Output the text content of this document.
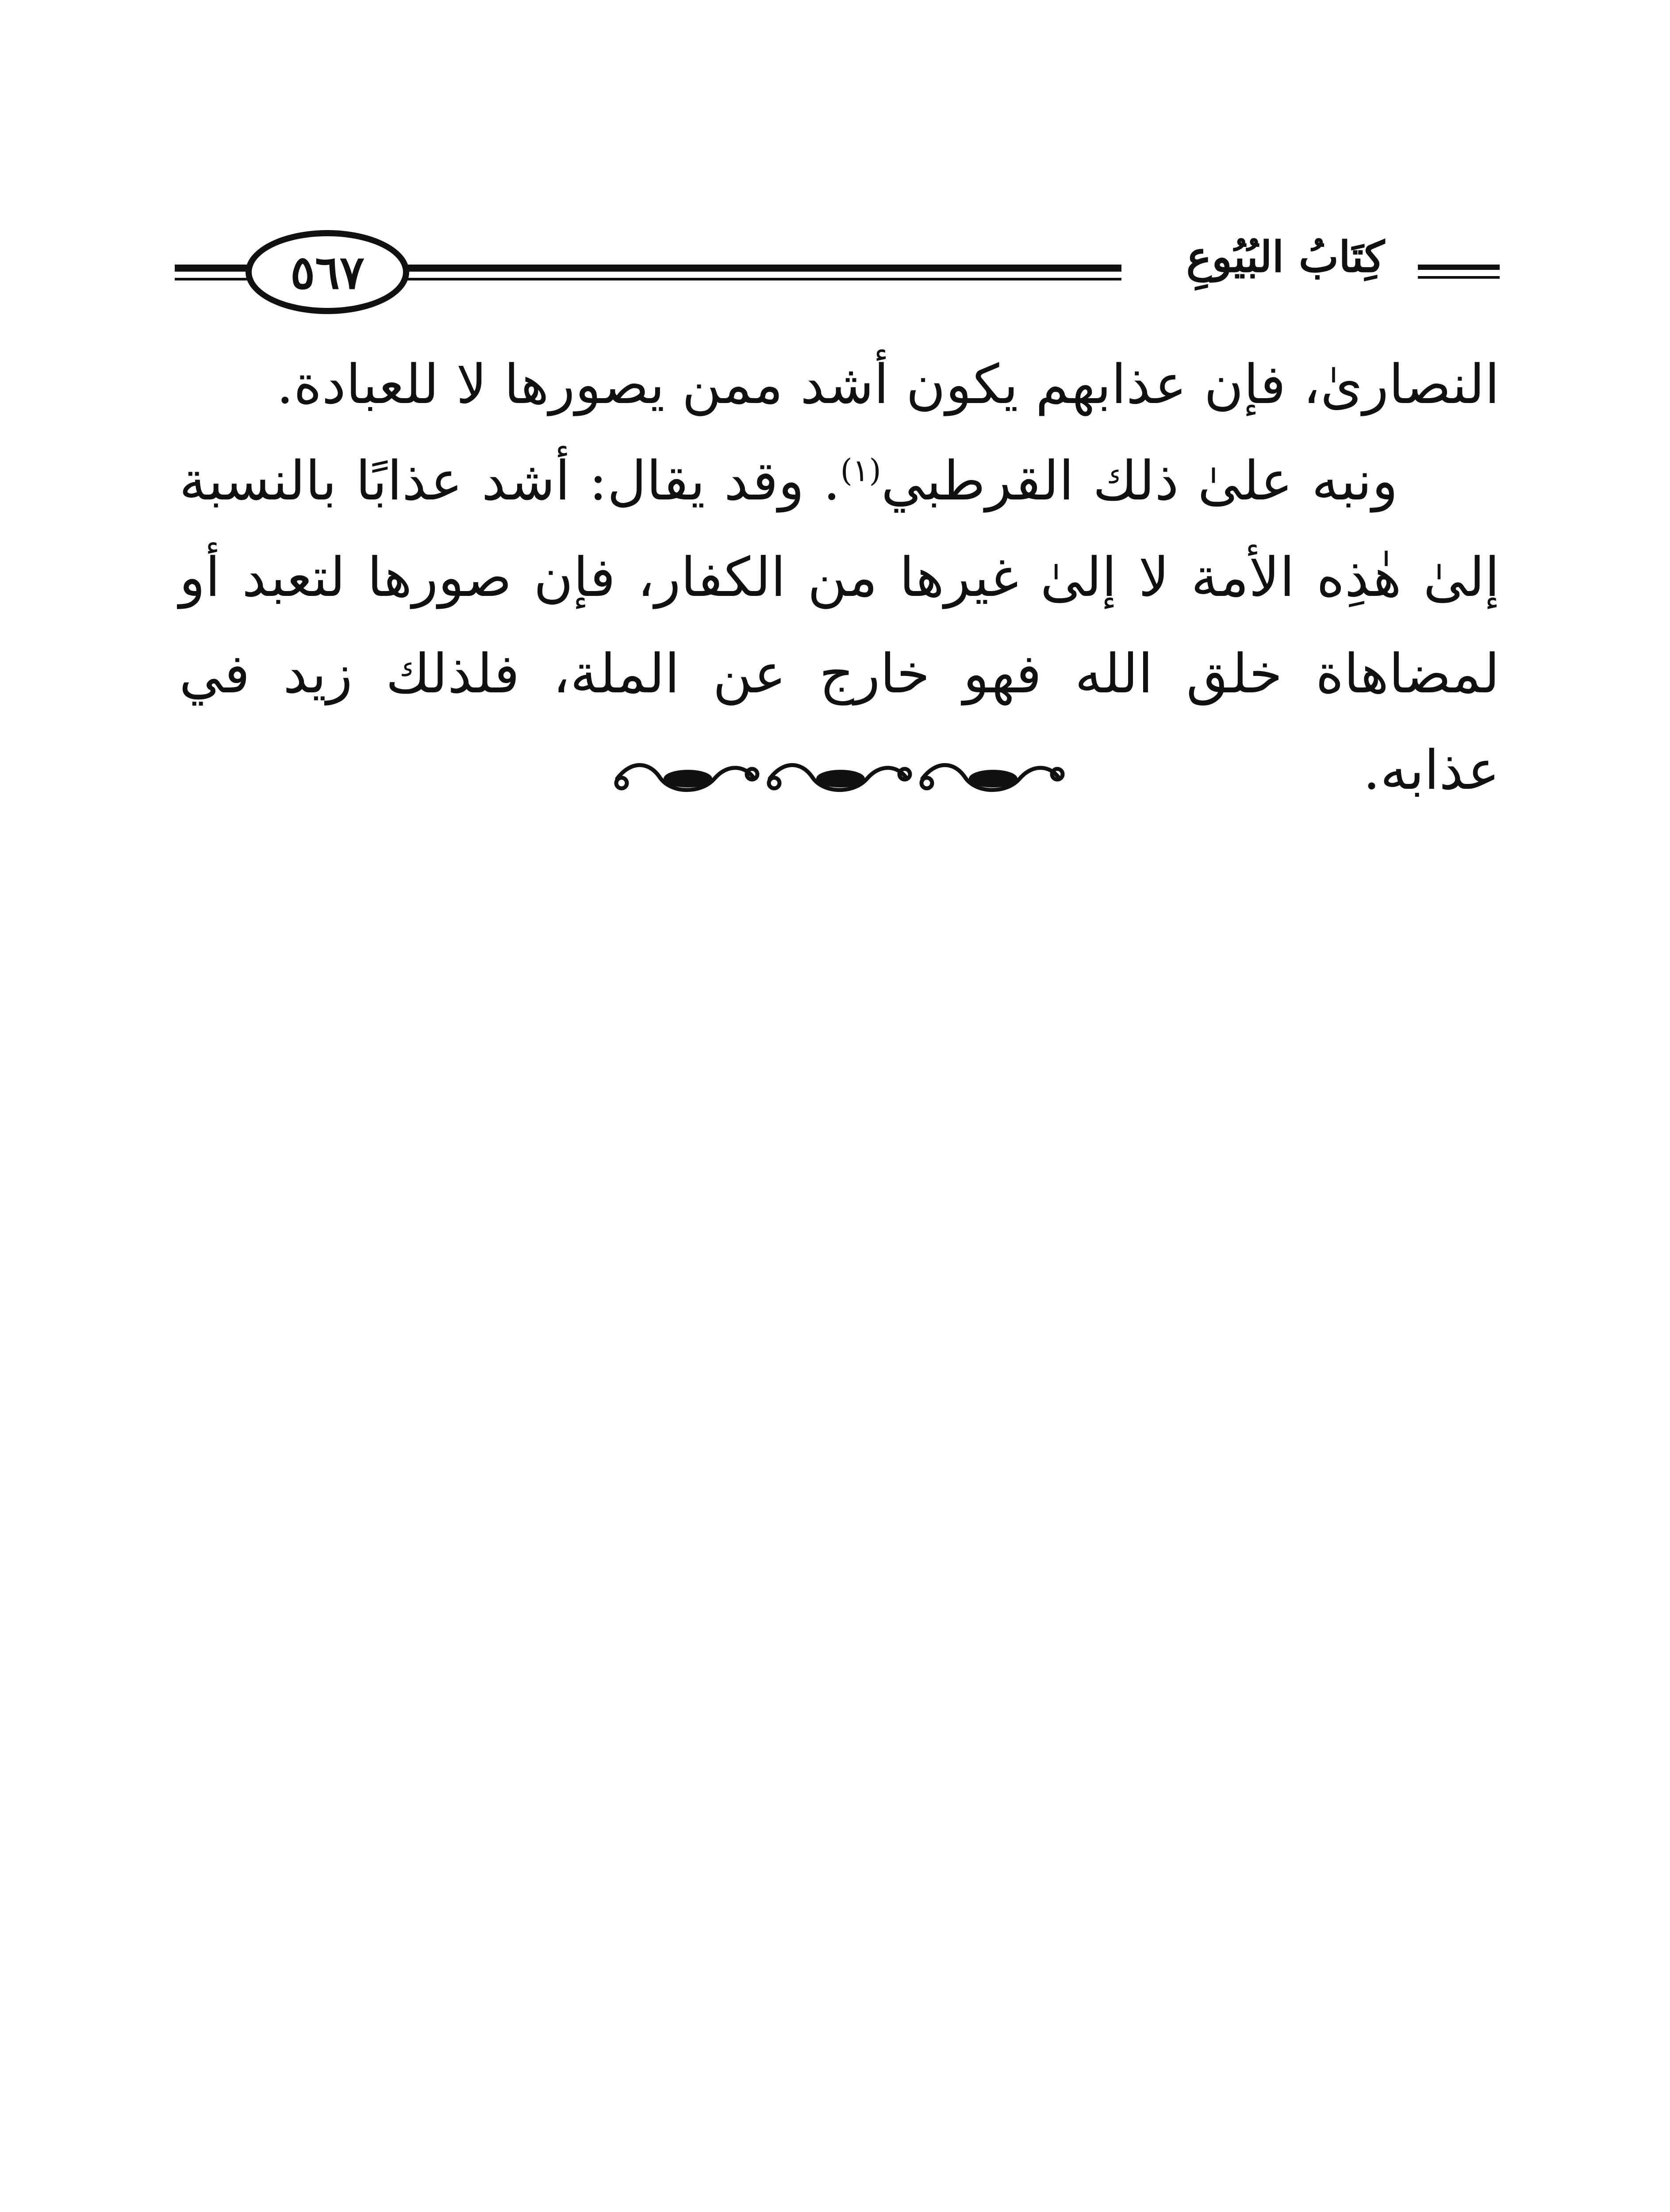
٥٦٧	كِتَابُ البُيُوعِ

النصارىٰ، فإن عذابهم يكون أشد ممن يصورها لا للعبادة.

ونبه علىٰ ذلك القرطبي$^{(١)}$. وقد يقال: أشد عذابًا بالنسبة إلىٰ هٰذِه الأمة لا إلىٰ غيرها من الكفار، فإن صورها لتعبد أو لمضاهاة خلق الله فهو خارج عن الملة، فلذلك زيد في عذابه.
